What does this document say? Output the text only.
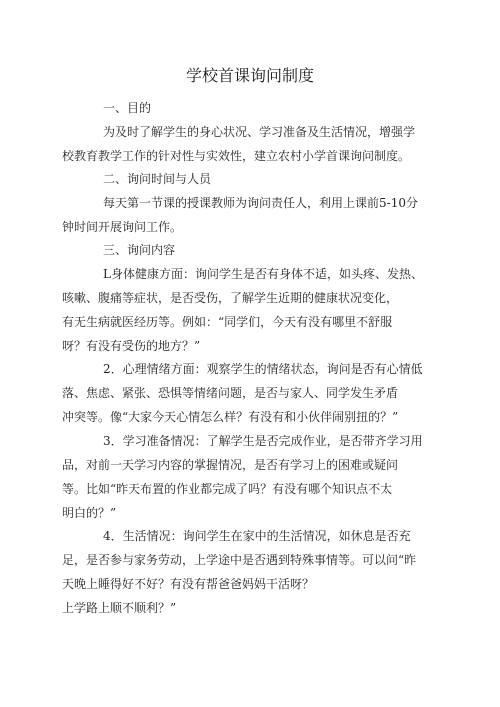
学校首课询问制度
一、目的
为及时了解学生的身心状况、学习准备及生活情况，增强学
校教育教学工作的针对性与实效性，建立农村小学首课询问制度。
二、询问时间与人员
每天第一节课的授课教师为询问责任人，利用上课前5-10分
钟时间开展询问工作。
三、询问内容
L身体健康方面：询问学生是否有身体不适，如头疼、发热、
咳嗽、腹痛等症状，是否受伤，了解学生近期的健康状况变化，
有无生病就医经历等。例如：“同学们，今天有没有哪里不舒服
呀？有没有受伤的地方？”
2．心理情绪方面：观察学生的情绪状态，询问是否有心情低
落、焦虑、紧张、恐惧等情绪问题，是否与家人、同学发生矛盾
冲突等。像“大家今天心情怎么样？有没有和小伙伴闹别扭的？”
3．学习准备情况：了解学生是否完成作业，是否带齐学习用
品，对前一天学习内容的掌握情况，是否有学习上的困难或疑问
等。比如“昨天布置的作业都完成了吗？有没有哪个知识点不太
明白的？”
4．生活情况：询问学生在家中的生活情况，如休息是否充
足，是否参与家务劳动，上学途中是否遇到特殊事情等。可以问“昨
天晚上睡得好不好？有没有帮爸爸妈妈干活呀？
上学路上顺不顺利？”
